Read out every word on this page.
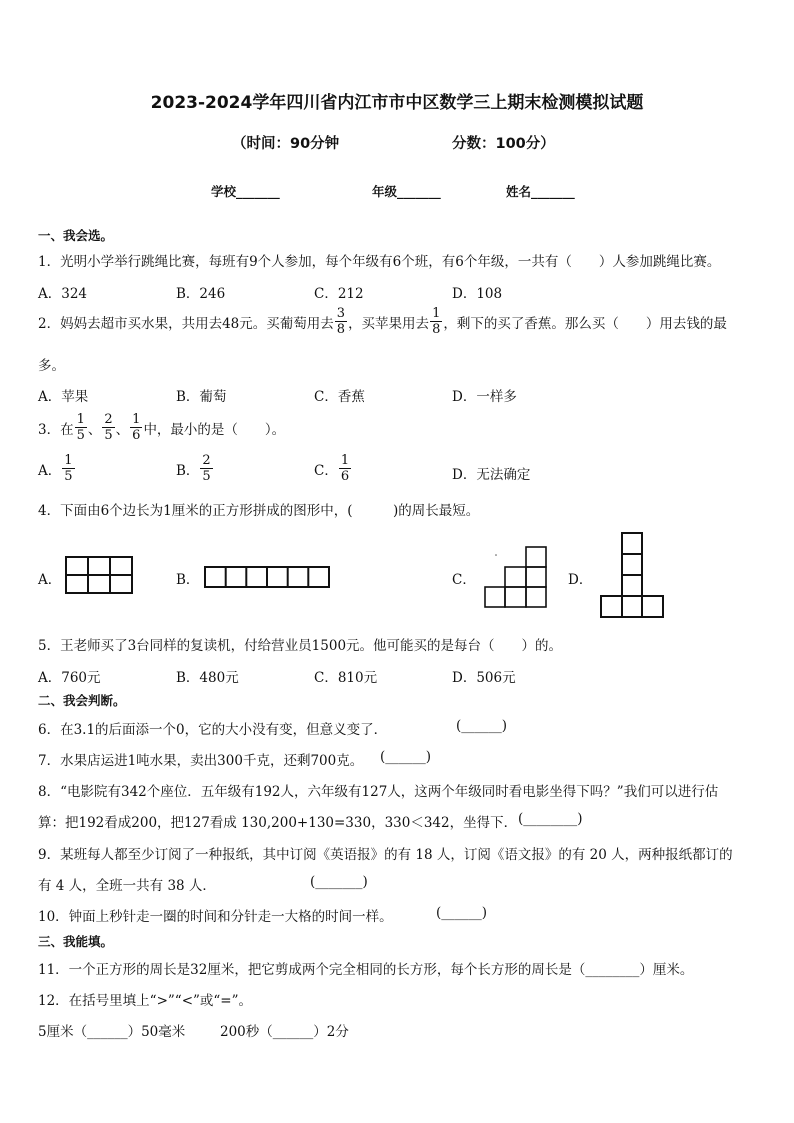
2023-2024学年四川省内江市市中区数学三上期末检测模拟试题
（时间：90分钟	分数：100分）
学校_______	年级_______	姓名_______
一、我会选。
1．光明小学举行跳绳比赛，每班有9个人参加，每个年级有6个班，有6个年级，一共有（　　）人参加跳绳比赛。
A．324	B．246	C．212	D．108
2．妈妈去超市买水果，共用去48元。买葡萄用去 $\frac{3}{8}$ ，买苹果用去 $\frac{1}{8}$ ，剩下的买了香蕉。那么买（　　）用去钱的最
多。
A．苹果	B．葡萄	C．香蕉	D．一样多
3．在 $\frac{1}{5}$ 、 $\frac{2}{5}$ 、 $\frac{1}{6}$ 中，最小的是（　　）。
A． $\frac{1}{5}$	B． $\frac{2}{5}$	C． $\frac{1}{6}$	D．无法确定
4．下面由6个边长为1厘米的正方形拼成的图形中，(　　　)的周长最短。
A．	B．	C．	D．
5．王老师买了3台同样的复读机，付给营业员1500元。他可能买的是每台（　　）的。
A．760元	B．480元	C．810元	D．506元
二、我会判断。
6．在3.1的后面添一个0，它的大小没有变，但意义变了．	(______)
7．水果店运进1吨水果，卖出300千克，还剩700克。 (______)
8．“电影院有342个座位．五年级有192人，六年级有127人，这两个年级同时看电影坐得下吗？”我们可以进行估
算：把192看成200，把127看成 130,200+130=330，330＜342，坐得下． (________)
9．某班每人都至少订阅了一种报纸，其中订阅《英语报》的有 18 人，订阅《语文报》的有 20 人，两种报纸都订的
有 4 人，全班一共有 38 人．	(_______)
10．钟面上秒针走一圈的时间和分针走一大格的时间一样。	(______)
三、我能填。
11．一个正方形的周长是32厘米，把它剪成两个完全相同的长方形，每个长方形的周长是（________）厘米。
12．在括号里填上“>”“<”或“=”。
5厘米（______）50毫米	200秒（______）2分
